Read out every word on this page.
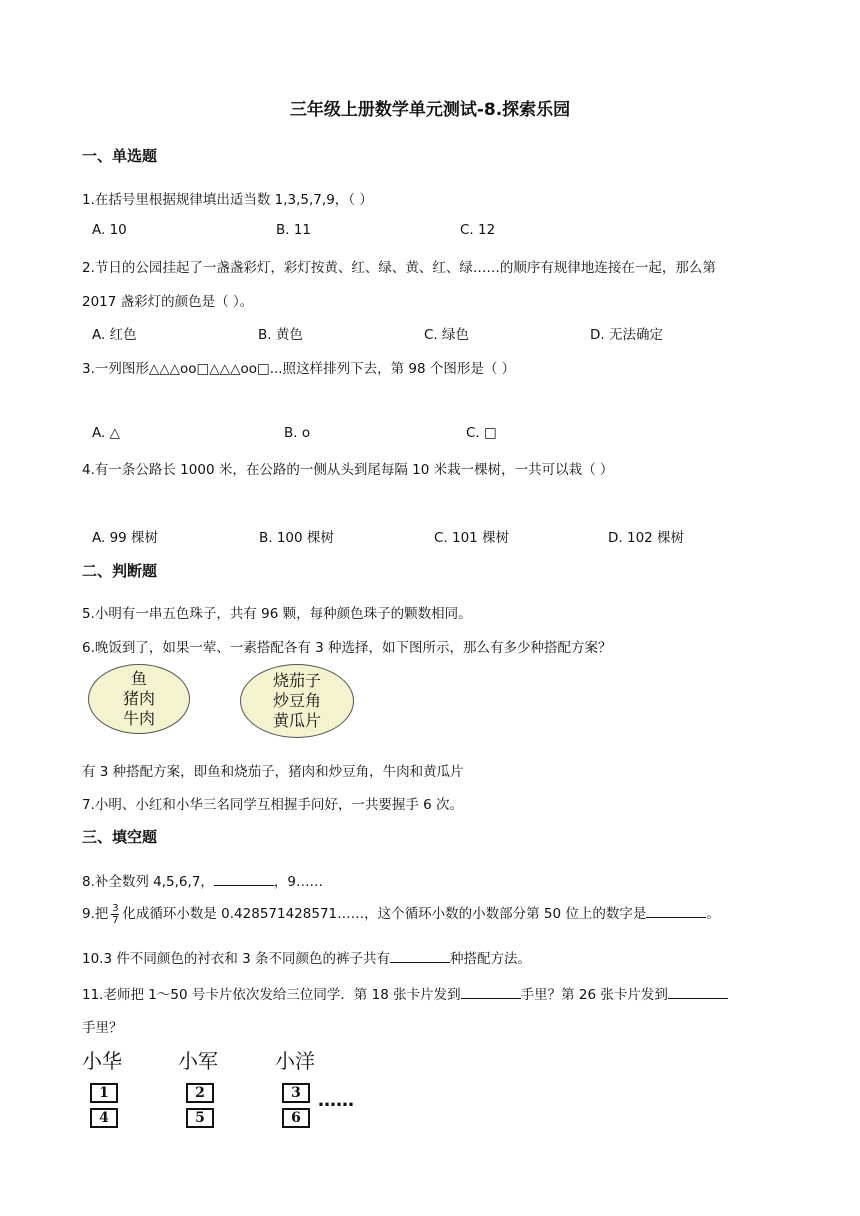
三年级上册数学单元测试-8.探索乐园
一、单选题
1.在括号里根据规律填出适当数 1,3,5,7,9，（ ）
A. 10	B. 11	C. 12
2.节日的公园挂起了一盏盏彩灯，彩灯按黄、红、绿、黄、红、绿……的顺序有规律地连接在一起，那么第
2017 盏彩灯的颜色是（ ）。
A. 红色	B. 黄色	C. 绿色	D. 无法确定
3.一列图形△△△oo□△△△oo□...照这样排列下去，第 98 个图形是（ ）
A. △	B. o	C. □
4.有一条公路长 1000 米，在公路的一侧从头到尾每隔 10 米栽一棵树，一共可以栽（ ）
A. 99 棵树	B. 100 棵树	C. 101 棵树	D. 102 棵树
二、判断题
5.小明有一串五色珠子，共有 96 颗，每种颜色珠子的颗数相同。
6.晚饭到了，如果一荤、一素搭配各有 3 种选择，如下图所示，那么有多少种搭配方案？
鱼
猪肉
牛肉
烧茄子
炒豆角
黄瓜片
有 3 种搭配方案，即鱼和烧茄子，猪肉和炒豆角，牛肉和黄瓜片
7.小明、小红和小华三名同学互相握手问好，一共要握手 6 次。
三、填空题
8.补全数列 4,5,6,7，	，9……
9.把 $\frac{3}{7}$ 化成循环小数是 0.428571428571……，这个循环小数的小数部分第 50 位上的数字是	。
10.3 件不同颜色的衬衣和 3 条不同颜色的裤子共有	种搭配方法。
11.老师把 1～50 号卡片依次发给三位同学．第 18 张卡片发到	手里？第 26 张卡片发到
手里？
小华	小军	小洋
1	2	3
4	5	6
……
